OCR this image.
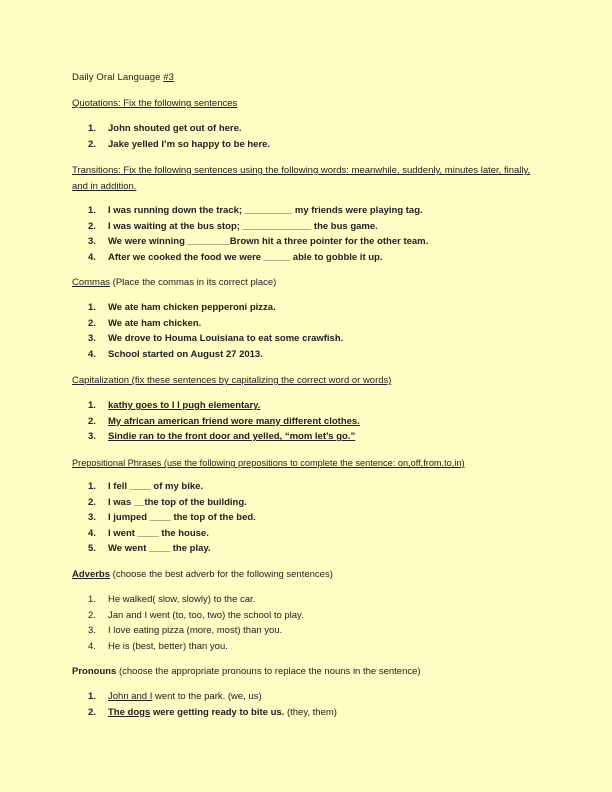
Daily Oral Language #3
Quotations: Fix the following sentences
1.	John shouted get out of here.
2.	Jake yelled I’m so happy to be here.
Transitions: Fix the following sentences using the following words: meanwhile, suddenly, minutes later, finally, and in addition.
1.	I was running down the track; _________ my friends were playing tag.
2.	I was waiting at the bus stop; _____________ the bus game.
3.	We were winning ________Brown hit a three pointer for the other team.
4.	After we cooked the food we were _____ able to gobble it up.
Commas (Place the commas in its correct place)
1.	We ate ham chicken pepperoni pizza.
2.	We ate ham chicken.
3.	We drove to Houma Louisiana to eat some crawfish.
4.	School started on August 27 2013.
Capitalization (fix these sentences by capitalizing the correct word or words)
1.	kathy goes to l l pugh elementary.
2.	My african american friend wore many different clothes.
3.	Sindie ran to the front door and yelled, “mom let’s go.”
Prepositional Phrases (use the following prepositions to complete the sentence: on,off,from,to,in)
1.	I fell ____ of my bike.
2.	I was __the top of the building.
3.	I jumped ____ the top of the bed.
4.	I went ____ the house.
5.	We went ____ the play.
Adverbs (choose the best adverb for the following sentences)
1.	He walked( slow, slowly) to the car.
2.	Jan and I went (to, too, two) the school to play.
3.	I love eating pizza (more, most) than you.
4.	He is (best, better) than you.
Pronouns (choose the appropriate pronouns to replace the nouns in the sentence)
1.	John and I went to the park. (we, us)
2.	The dogs were getting ready to bite us. (they, them)
